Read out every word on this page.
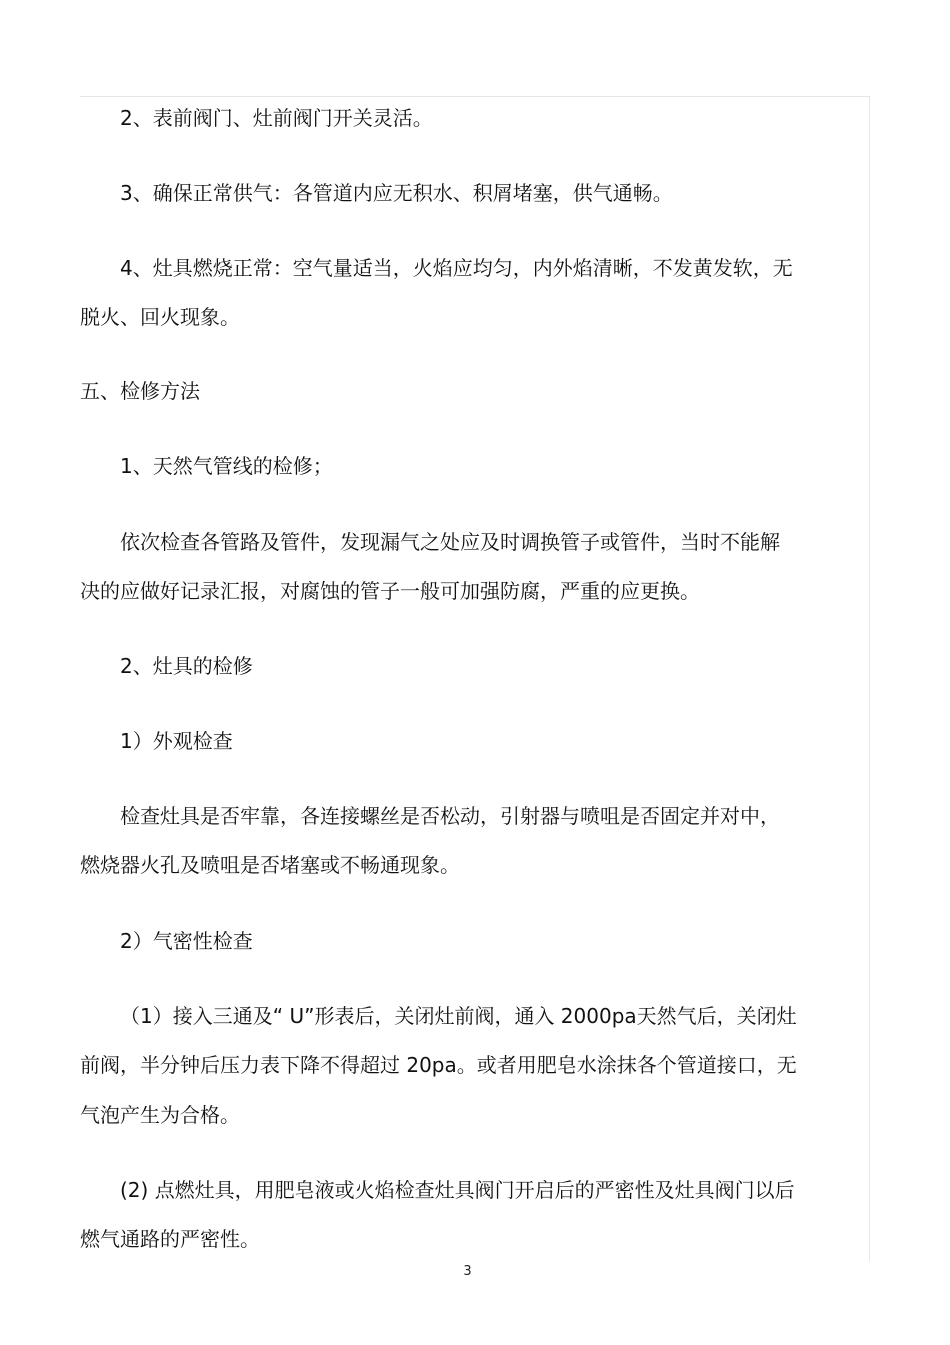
2、表前阀门、灶前阀门开关灵活。
3、确保正常供气：各管道内应无积水、积屑堵塞，供气通畅。
4、灶具燃烧正常：空气量适当，火焰应均匀，内外焰清晰，不发黄发软，无
脱火、回火现象。
五、检修方法
1、天然气管线的检修；
依次检查各管路及管件，发现漏气之处应及时调换管子或管件，当时不能解
决的应做好记录汇报，对腐蚀的管子一般可加强防腐，严重的应更换。
2、灶具的检修
1）外观检查
检查灶具是否牢靠，各连接螺丝是否松动，引射器与喷咀是否固定并对中，
燃烧器火孔及喷咀是否堵塞或不畅通现象。
2）气密性检查
（1）接入三通及“ U”形表后，关闭灶前阀，通入 2000pa天然气后，关闭灶
前阀，半分钟后压力表下降不得超过 20pa。或者用肥皂水涂抹各个管道接口，无
气泡产生为合格。
(2) 点燃灶具，用肥皂液或火焰检查灶具阀门开启后的严密性及灶具阀门以后
燃气通路的严密性。
3
